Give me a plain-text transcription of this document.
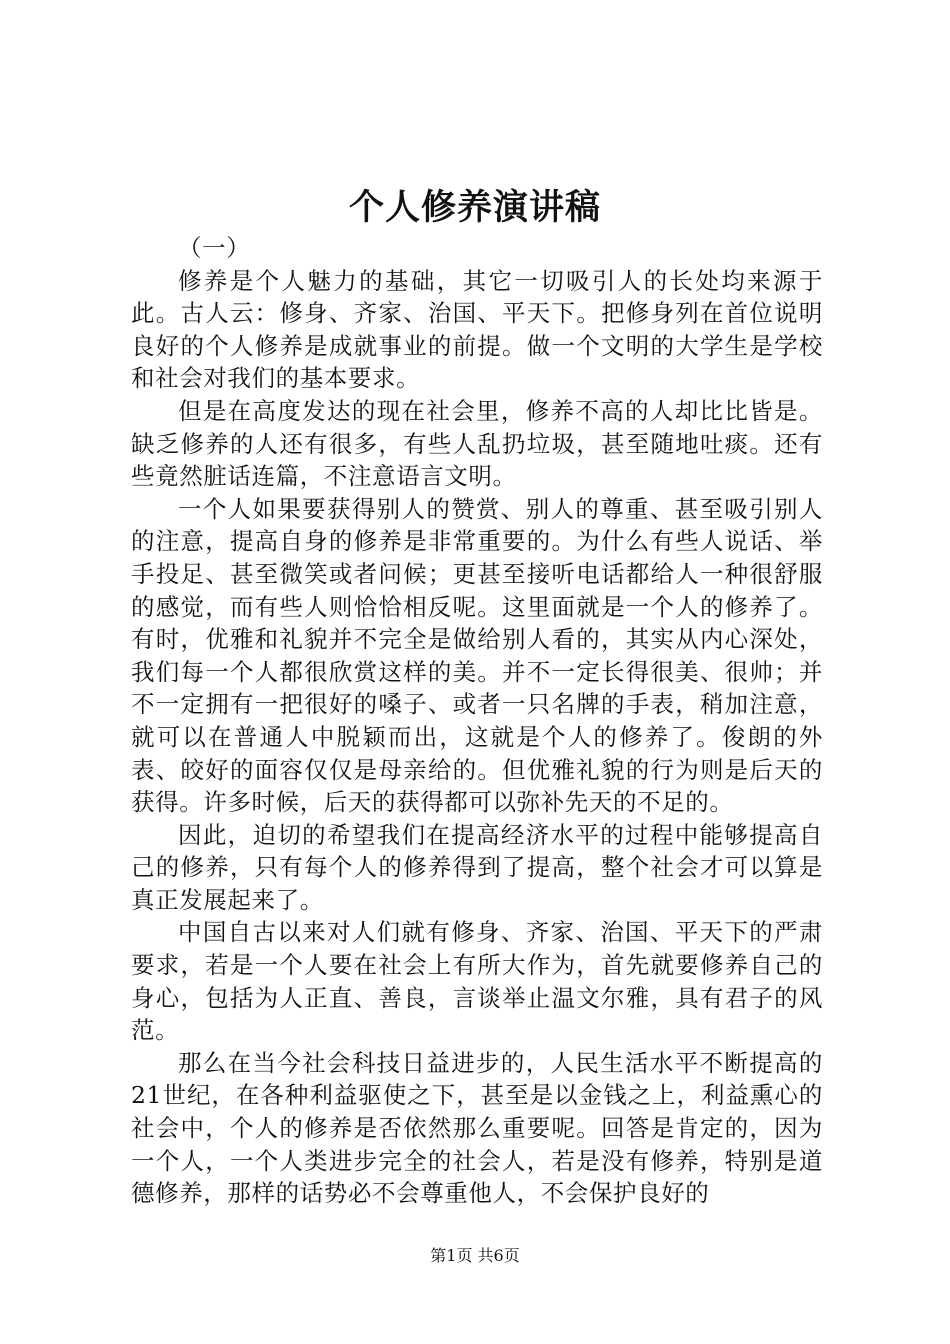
个人修养演讲稿

（一）

修养是个人魅力的基础，其它一切吸引人的长处均来源于此。古人云：修身、齐家、治国、平天下。把修身列在首位说明良好的个人修养是成就事业的前提。做一个文明的大学生是学校和社会对我们的基本要求。

但是在高度发达的现在社会里，修养不高的人却比比皆是。缺乏修养的人还有很多，有些人乱扔垃圾，甚至随地吐痰。还有些竟然脏话连篇，不注意语言文明。

一个人如果要获得别人的赞赏、别人的尊重、甚至吸引别人的注意，提高自身的修养是非常重要的。为什么有些人说话、举手投足、甚至微笑或者问候；更甚至接听电话都给人一种很舒服的感觉，而有些人则恰恰相反呢。这里面就是一个人的修养了。有时，优雅和礼貌并不完全是做给别人看的，其实从内心深处，我们每一个人都很欣赏这样的美。并不一定长得很美、很帅；并不一定拥有一把很好的嗓子、或者一只名牌的手表，稍加注意，就可以在普通人中脱颖而出，这就是个人的修养了。俊朗的外表、皎好的面容仅仅是母亲给的。但优雅礼貌的行为则是后天的获得。许多时候，后天的获得都可以弥补先天的不足的。

因此，迫切的希望我们在提高经济水平的过程中能够提高自己的修养，只有每个人的修养得到了提高，整个社会才可以算是真正发展起来了。

中国自古以来对人们就有修身、齐家、治国、平天下的严肃要求，若是一个人要在社会上有所大作为，首先就要修养自己的身心，包括为人正直、善良，言谈举止温文尔雅，具有君子的风范。

那么在当今社会科技日益进步的，人民生活水平不断提高的21世纪，在各种利益驱使之下，甚至是以金钱之上，利益熏心的社会中，个人的修养是否依然那么重要呢。回答是肯定的，因为一个人，一个人类进步完全的社会人，若是没有修养，特别是道德修养，那样的话势必不会尊重他人，不会保护良好的

第1页 共6页
